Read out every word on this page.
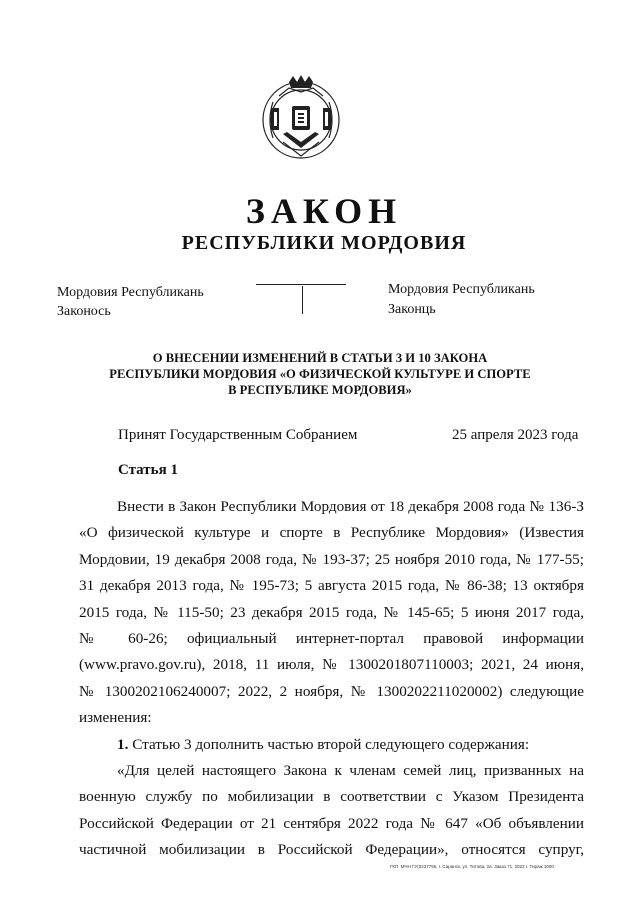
ЗАКОН
РЕСПУБЛИКИ МОРДОВИЯ
Мордовия Республикань
Законось
Мордовия Республикань
Законць
О ВНЕСЕНИИ ИЗМЕНЕНИЙ В СТАТЬИ 3 И 10 ЗАКОНА
РЕСПУБЛИКИ МОРДОВИЯ «О ФИЗИЧЕСКОЙ КУЛЬТУРЕ И СПОРТЕ
В РЕСПУБЛИКЕ МОРДОВИЯ»
Принят Государственным Собранием	25 апреля 2023 года
Статья 1
Внести в Закон Республики Мордовия от 18 декабря 2008 года № 136-З
«О физической культуре и спорте в Республике Мордовия» (Известия
Мордовии, 19 декабря 2008 года, № 193-37; 25 ноября 2010 года, № 177-55;
31 декабря 2013 года, № 195-73; 5 августа 2015 года, № 86-38; 13 октября
2015 года, № 115-50; 23 декабря 2015 года, № 145-65; 5 июня 2017 года,
№ 60-26; официальный интернет-портал правовой информации
(www.pravo.gov.ru), 2018, 11 июля, № 1300201807110003; 2021, 24 июня,
№ 1300202106240007; 2022, 2 ноября, № 1300202211020002) следующие
изменения:
1. Статью 3 дополнить частью второй следующего содержания:
«Для целей настоящего Закона к членам семей лиц, призванных на
военную службу по мобилизации в соответствии с Указом Президента
Российской Федерации от 21 сентября 2022 года № 647 «Об объявлении
частичной мобилизации в Российской Федерации», относятся супруг,
ГКП. МЧН ГУ(0237755, г. Саранск, ул. Титова, 2а. Заказ 71. 2022 г. Тираж 1000
